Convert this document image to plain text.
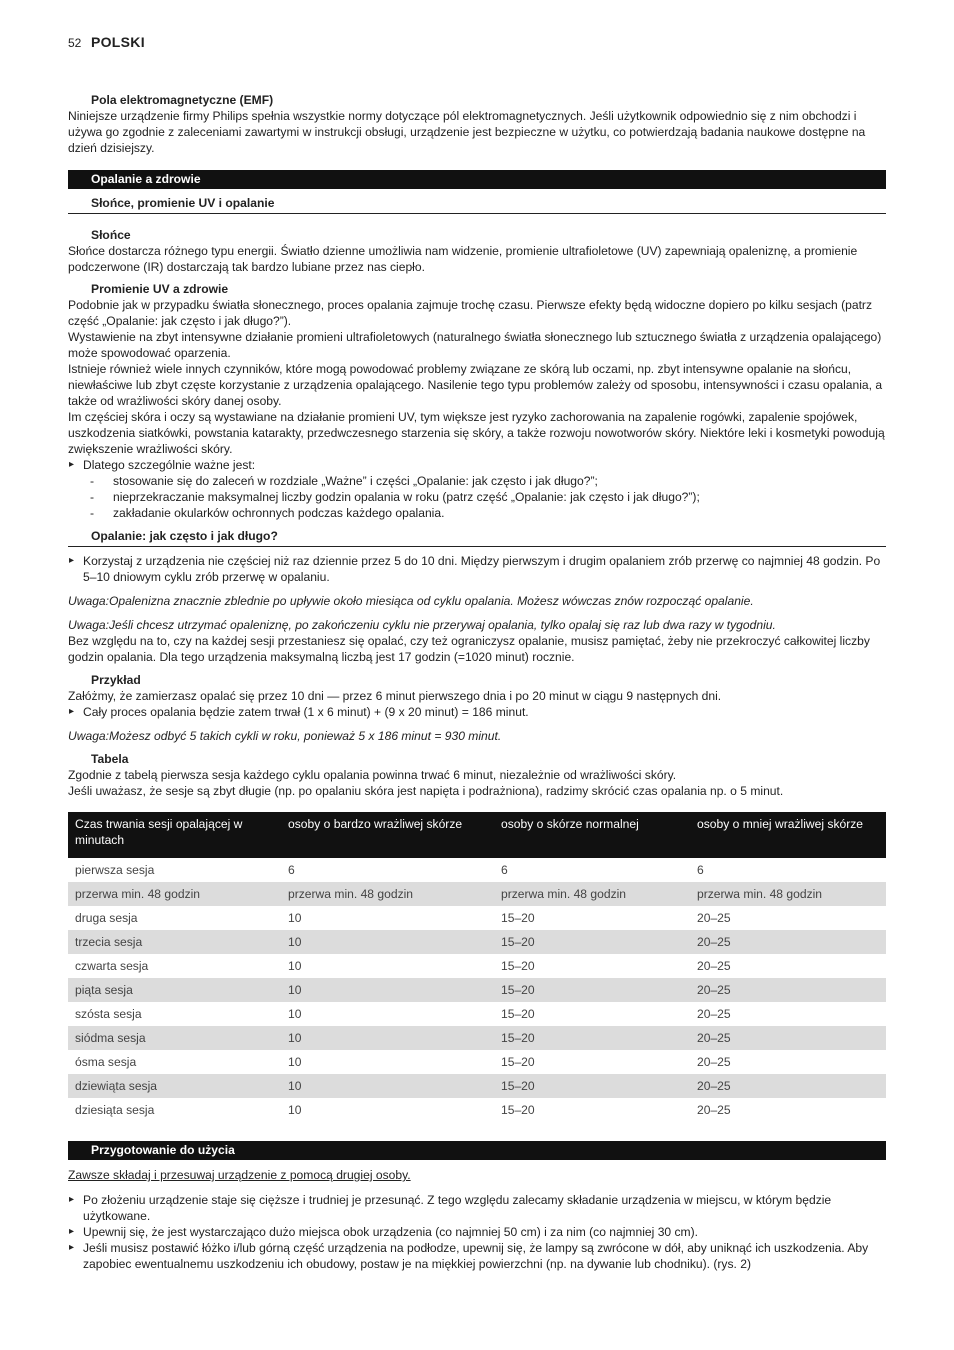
52 POLSKI
Pola elektromagnetyczne (EMF)

Niniejsze urządzenie firmy Philips spełnia wszystkie normy dotyczące pól elektromagnetycznych. Jeśli użytkownik odpowiednio się z nim obchodzi i używa go zgodnie z zaleceniami zawartymi w instrukcji obsługi, urządzenie jest bezpieczne w użytku, co potwierdzają badania naukowe dostępne na dzień dzisiejszy.

Opalanie a zdrowie
Słońce, promienie UV i opalanie
Słońce

Słońce dostarcza różnego typu energii. Światło dzienne umożliwia nam widzenie, promienie ultrafioletowe (UV) zapewniają opaleniznę, a promienie podczerwone (IR) dostarczają tak bardzo lubiane przez nas ciepło.

Promienie UV a zdrowie

Podobnie jak w przypadku światła słonecznego, proces opalania zajmuje trochę czasu. Pierwsze efekty będą widoczne dopiero po kilku sesjach (patrz część „Opalanie: jak często i jak długo?”).

Wystawienie na zbyt intensywne działanie promieni ultrafioletowych (naturalnego światła słonecznego lub sztucznego światła z urządzenia opalającego) może spowodować oparzenia.

Istnieje również wiele innych czynników, które mogą powodować problemy związane ze skórą lub oczami, np. zbyt intensywne opalanie na słońcu, niewłaściwe lub zbyt częste korzystanie z urządzenia opalającego. Nasilenie tego typu problemów zależy od sposobu, intensywności i czasu opalania, a także od wrażliwości skóry danej osoby.

Im częściej skóra i oczy są wystawiane na działanie promieni UV, tym większe jest ryzyko zachorowania na zapalenie rogówki, zapalenie spojówek, uszkodzenia siatkówki, powstania katarakty, przedwczesnego starzenia się skóry, a także rozwoju nowotworów skóry. Niektóre leki i kosmetyki powodują zwiększenie wrażliwości skóry.

▸ Dlatego szczególnie ważne jest:
- stosowanie się do zaleceń w rozdziale „Ważne” i części „Opalanie: jak często i jak długo?”;
- nieprzekraczanie maksymalnej liczby godzin opalania w roku (patrz część „Opalanie: jak często i jak długo?”);
- zakładanie okularków ochronnych podczas każdego opalania.
Opalanie: jak często i jak długo?
▸ Korzystaj z urządzenia nie częściej niż raz dziennie przez 5 do 10 dni. Między pierwszym i drugim opalaniem zrób przerwę co najmniej 48 godzin. Po 5–10 dniowym cyklu zrób przerwę w opalaniu.

Uwaga:Opalenizna znacznie zblednie po upływie około miesiąca od cyklu opalania. Możesz wówczas znów rozpocząć opalanie.

Uwaga:Jeśli chcesz utrzymać opaleniznę, po zakończeniu cyklu nie przerywaj opalania, tylko opalaj się raz lub dwa razy w tygodniu.

Bez względu na to, czy na każdej sesji przestaniesz się opalać, czy też ograniczysz opalanie, musisz pamiętać, żeby nie przekroczyć całkowitej liczby godzin opalania. Dla tego urządzenia maksymalną liczbą jest 17 godzin (=1020 minut) rocznie.

Przykład

Załóżmy, że zamierzasz opalać się przez 10 dni — przez 6 minut pierwszego dnia i po 20 minut w ciągu 9 następnych dni.

▸ Cały proces opalania będzie zatem trwał (1 x 6 minut) + (9 x 20 minut) = 186 minut.

Uwaga:Możesz odbyć 5 takich cykli w roku, ponieważ 5 x 186 minut = 930 minut.

Tabela

Zgodnie z tabelą pierwsza sesja każdego cyklu opalania powinna trwać 6 minut, niezależnie od wrażliwości skóry.

Jeśli uważasz, że sesje są zbyt długie (np. po opalaniu skóra jest napięta i podrażniona), radzimy skrócić czas opalania np. o 5 minut.

Czas trwania sesji opalającej w minutach	osoby o bardzo wrażliwej skórze	osoby o skórze normalnej	osoby o mniej wrażliwej skórze
pierwsza sesja	6	6	6
przerwa min. 48 godzin	przerwa min. 48 godzin	przerwa min. 48 godzin	przerwa min. 48 godzin
druga sesja	10	15–20	20–25
trzecia sesja	10	15–20	20–25
czwarta sesja	10	15–20	20–25
piąta sesja	10	15–20	20–25
szósta sesja	10	15–20	20–25
siódma sesja	10	15–20	20–25
ósma sesja	10	15–20	20–25
dziewiąta sesja	10	15–20	20–25
dziesiąta sesja	10	15–20	20–25
Przygotowanie do użycia

Zawsze składaj i przesuwaj urządzenie z pomocą drugiej osoby.

▸ Po złożeniu urządzenie staje się cięższe i trudniej je przesunąć. Z tego względu zalecamy składanie urządzenia w miejscu, w którym będzie użytkowane.
▸ Upewnij się, że jest wystarczająco dużo miejsca obok urządzenia (co najmniej 50 cm) i za nim (co najmniej 30 cm).
▸ Jeśli musisz postawić łóżko i/lub górną część urządzenia na podłodze, upewnij się, że lampy są zwrócone w dół, aby uniknąć ich uszkodzenia. Aby zapobiec ewentualnemu uszkodzeniu ich obudowy, postaw je na miękkiej powierzchni (np. na dywanie lub chodniku). (rys. 2)
